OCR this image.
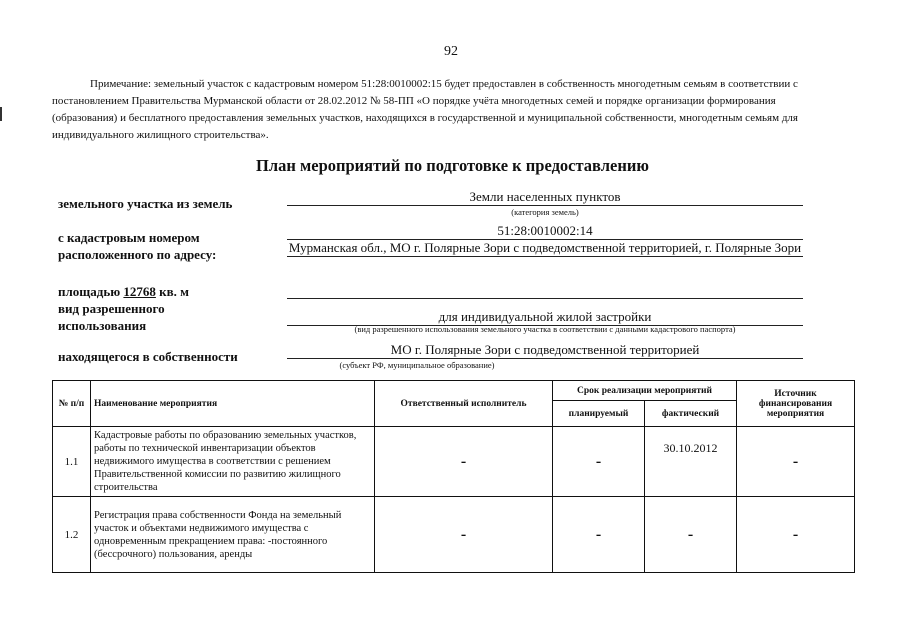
92
Примечание: земельный участок с кадастровым номером 51:28:0010002:15 будет предоставлен в собственность многодетным семьям в соответствии с постановлением Правительства Мурманской области от 28.02.2012 № 58-ПП «О порядке учёта многодетных семей и порядке организации формирования (образования) и бесплатного предоставления земельных участков, находящихся в государственной и муниципальной собственности, многодетным семьям для индивидуального жилищного строительства».
План мероприятий по подготовке к предоставлению
земельного участка из земель	Земли населенных пунктов
(категория земель)
с кадастровым номером	51:28:0010002:14
расположенного по адресу:	Мурманская обл., МО г. Полярные Зори с подведомственной территорией, г. Полярные Зори
площадью 12768 кв. м
вид разрешенного использования
для индивидуальной жилой застройки
(вид разрешенного использования земельного участка в соответствии с данными кадастрового паспорта)
находящегося в собственности	МО г. Полярные Зори с подведомственной территорией
(субъект РФ, муниципальное образование)
№ п/п	Наименование мероприятия	Ответственный исполнитель	Срок реализации мероприятий		Источник финансирования мероприятия
			планируемый	фактический	
1.1	Кадастровые работы по образованию земельных участков, работы по технической инвентаризации объектов недвижимого имущества в соответствии с решением Правительственной комиссии по развитию жилищного строительства	-	-	30.10.2012	-
1.2	Регистрация права собственности Фонда на земельный участок и объектами недвижимого имущества с одновременным прекращением права: -постоянного (бессрочного) пользования, аренды	-	-	-	-
